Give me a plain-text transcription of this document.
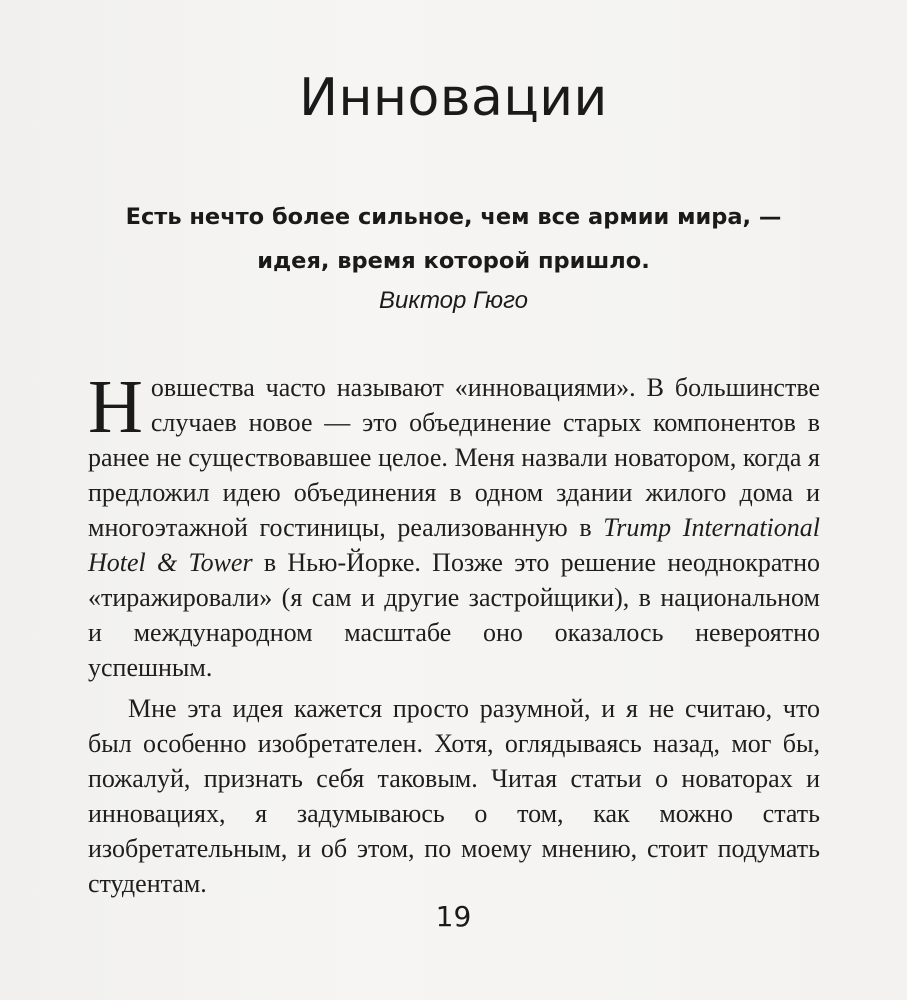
Инновации
Есть нечто более сильное, чем все армии мира, —
идея, время которой пришло.
Виктор Гюго

Новшества часто называют «инновациями». В большинстве случаев новое — это объединение старых компонентов в ранее не существовавшее целое. Меня назвали новатором, когда я предложил идею объединения в одном здании жилого дома и многоэтажной гостиницы, реализованную в Trump International Hotel & Tower в Нью-Йорке. Позже это решение неоднократно «тиражировали» (я сам и другие застройщики), в национальном и международном масштабе оно оказалось невероятно успешным.

Мне эта идея кажется просто разумной, и я не считаю, что был особенно изобретателен. Хотя, оглядываясь назад, мог бы, пожалуй, признать себя таковым. Читая статьи о новаторах и инновациях, я задумываюсь о том, как можно стать изобретательным, и об этом, по моему мнению, стоит подумать студентам.

19
